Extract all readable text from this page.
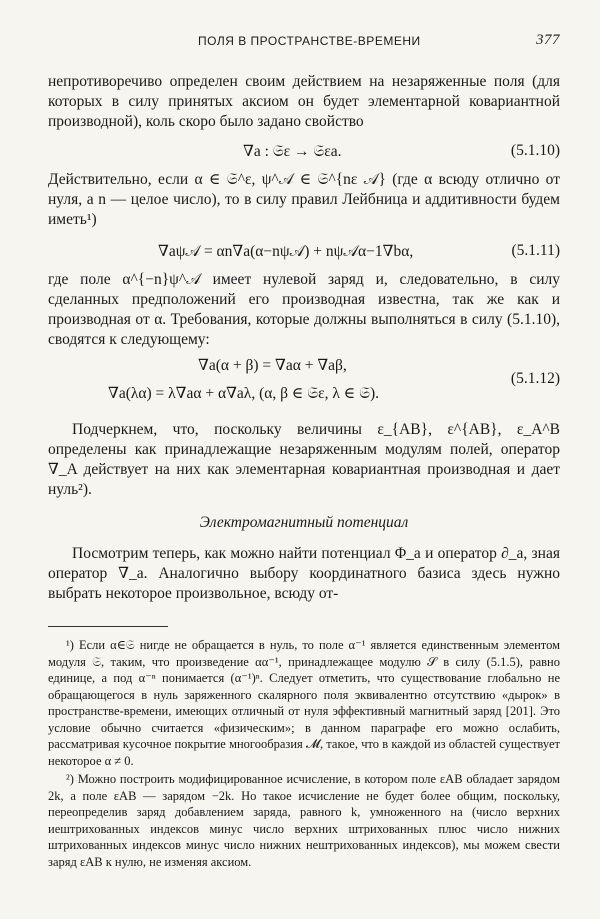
ПОЛЯ В ПРОСТРАНСТВЕ-ВРЕМЕНИ	377

непротиворечиво определен своим действием на незаряженные поля (для которых в силу принятых аксиом он будет элементарной ковариантной производной), коль скоро было задано свойство

∇a : 𝔖ε → 𝔖εa.	(5.1.10)

Действительно, если α ∈ 𝔖^ε, ψ^𝒜 ∈ 𝔖^{nε 𝒜} (где α всюду отлично от нуля, а n — целое число), то в силу правил Лейбница и аддитивности будем иметь¹)

∇aψ𝒜 = αn∇a(α−nψ𝒜) + nψ𝒜α−1∇bα,	(5.1.11)

где поле α^{−n}ψ^𝒜 имеет нулевой заряд и, следовательно, в силу сделанных предположений его производная известна, так же как и производная от α. Требования, которые должны выполняться в силу (5.1.10), сводятся к следующему:

∇a(α + β) = ∇aα + ∇aβ,
∇a(λα) = λ∇aα + α∇aλ, (α, β ∈ 𝔖ε, λ ∈ 𝔖).
(5.1.12)

Подчеркнем, что, поскольку величины ε_{AB}, ε^{AB}, ε_A^B определены как принадлежащие незаряженным модулям полей, оператор ∇_A действует на них как элементарная ковариантная производная и дает нуль²).

Электромагнитный потенциал

Посмотрим теперь, как можно найти потенциал Φ_a и оператор ∂_a, зная оператор ∇_a. Аналогично выбору координатного базиса здесь нужно выбрать некоторое произвольное, всюду от-

¹) Если α∈𝔖 нигде не обращается в нуль, то поле α⁻¹ является единственным элементом модуля 𝔖, таким, что произведение αα⁻¹, принадлежащее модулю 𝒮 в силу (5.1.5), равно единице, а под α⁻ⁿ понимается (α⁻¹)ⁿ. Следует отметить, что существование глобально не обращающегося в нуль заряженного скалярного поля эквивалентно отсутствию «дырок» в пространстве-времени, имеющих отличный от нуля эффективный магнитный заряд [201]. Это условие обычно считается «физическим»; в данном параграфе его можно ослабить, рассматривая кусочное покрытие многообразия 𝓜, такое, что в каждой из областей существует некоторое α ≠ 0.

²) Можно построить модифицированное исчисление, в котором поле εAB обладает зарядом 2k, а поле εAB — зарядом −2k. Но такое исчисление не будет более общим, поскольку, переопределив заряд добавлением заряда, равного k, умноженного на (число верхних иештрихованных индексов минус число верхних штрихованных плюс число нижних штрихованных индексов минус число нижних нештрихованных индексов), мы можем свести заряд εAB к нулю, не изменяя аксиом.
